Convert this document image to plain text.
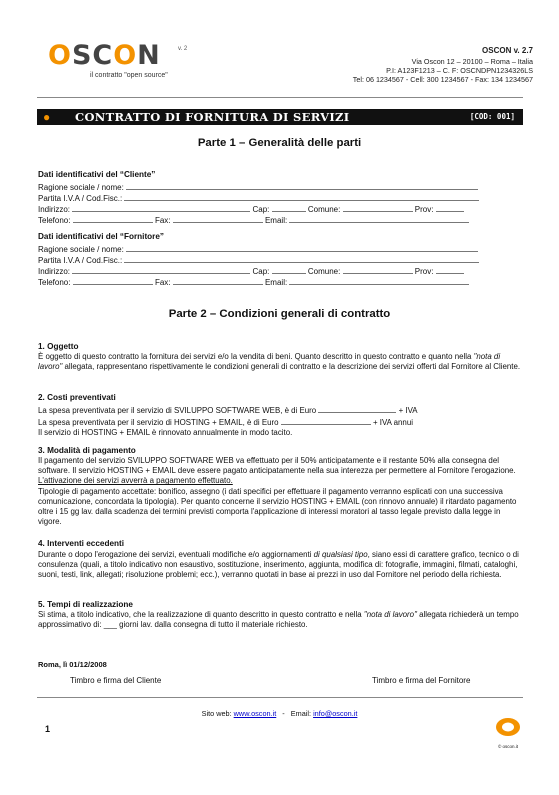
OSCON	v. 2
il contratto "open source"
OSCON v. 2.7
Via Oscon 12 – 20100 – Roma – Italia
P.I: A123F1213 – C. F: OSCNDPN1234326LS
Tel: 06 1234567 - Cell: 300 1234567 - Fax: 134 1234567
● CONTRATTO DI FORNITURA DI SERVIZI	[COD: 001]
Parte 1 – Generalità delle parti
Dati identificativi del “Cliente”
Ragione sociale / nome:
Partita I.V.A / Cod.Fisc.:
Indirizzo:	Cap:	Comune:	Prov:
Telefono:	Fax:	Email:
Dati identificativi del “Fornitore”
Ragione sociale / nome:
Partita I.V.A / Cod.Fisc.:
Indirizzo:	Cap:	Comune:	Prov:
Telefono:	Fax:	Email:
Parte 2 – Condizioni generali di contratto
1. Oggetto
È oggetto di questo contratto la fornitura dei servizi e/o la vendita di beni. Quanto descritto in questo contratto e quanto nella "nota di lavoro" allegata, rappresentano rispettivamente le condizioni generali di contratto e la descrizione dei servizi offerti dal Fornitore al Cliente.
2. Costi preventivati
La spesa preventivata per il servizio di SVILUPPO SOFTWARE WEB, è di Euro	+ IVA
La spesa preventivata per il servizio di HOSTING + EMAIL, è di Euro	+ IVA annui
Il servizio di HOSTING + EMAIL è rinnovato annualmente in modo tacito.
3. Modalità di pagamento
Il pagamento del servizio SVILUPPO SOFTWARE WEB va effettuato per il 50% anticipatamente e il restante 50% alla consegna del software. Il servizio HOSTING + EMAIL deve essere pagato anticipatamente nella sua interezza per permettere al Fornitore l'erogazione. L'attivazione dei servizi avverrà a pagamento effettuato.
Tipologie di pagamento accettate: bonifico, assegno (i dati specifici per effettuare il pagamento verranno esplicati con una successiva comunicazione, concordata la tipologia). Per quanto concerne il servizio HOSTING + EMAIL (con rinnovo annuale) il ritardato pagamento oltre i 15 gg lav. dalla scadenza dei termini previsti comporta l'applicazione di interessi moratori al tasso legale previsto dalla legge in vigore.
4. Interventi eccedenti
Durante o dopo l'erogazione dei servizi, eventuali modifiche e/o aggiornamenti di qualsiasi tipo, siano essi di carattere grafico, tecnico o di consulenza (quali, a titolo indicativo non esaustivo, sostituzione, inserimento, aggiunta, modifica di: fotografie, immagini, filmati, cataloghi, suoni, testi, link, allegati; risoluzione problemi; ecc.), verranno quotati in base ai prezzi in uso dal Fornitore nel periodo della richiesta.
5. Tempi di realizzazione
Si stima, a titolo indicativo, che la realizzazione di quanto descritto in questo contratto e nella "nota di lavoro" allegata richiederà un tempo approssimativo di: ___ giorni lav. dalla consegna di tutto il materiale richiesto.
Roma, lì 01/12/2008
Timbro e firma del Cliente	Timbro e firma del Fornitore
Sito web: www.oscon.it - Email: info@oscon.it
1
© oscon.it
